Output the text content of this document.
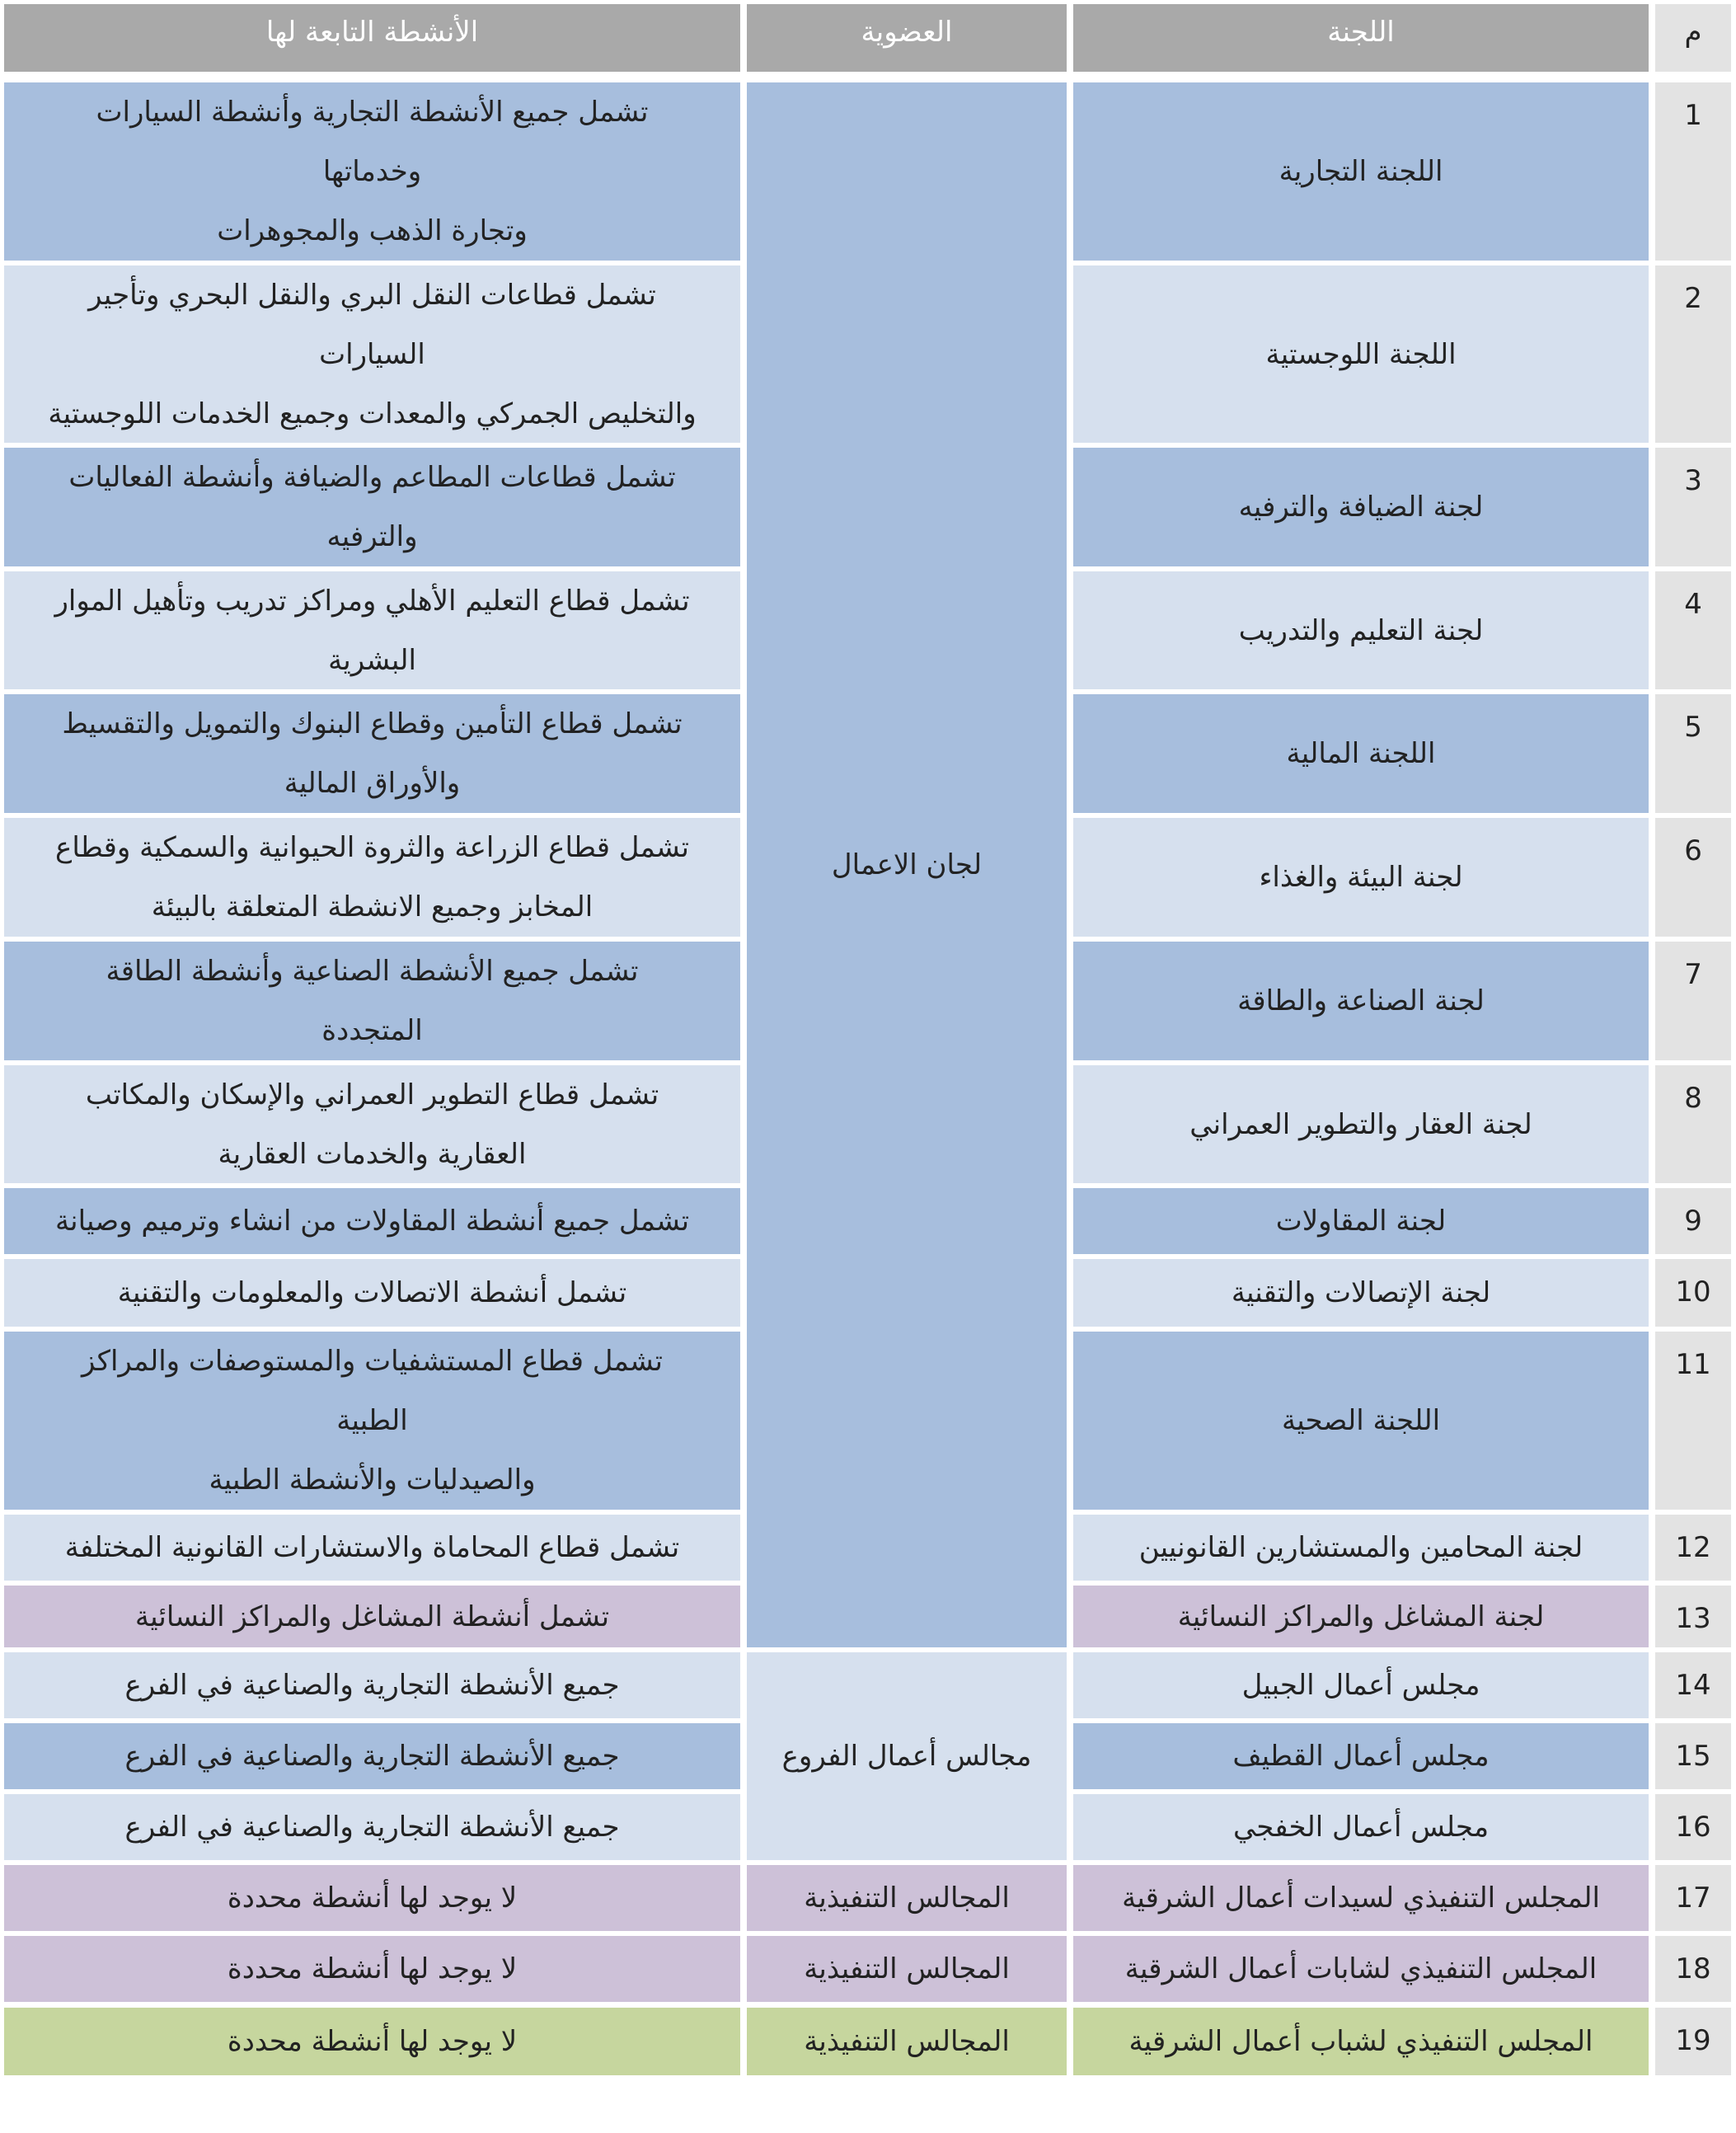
م
اللجنة
العضوية
الأنشطة التابعة لها
لجان الاعمال
مجالس أعمال الفروع
المجالس التنفيذية
المجالس التنفيذية
المجالس التنفيذية
1
اللجنة التجارية
تشمل جميع الأنشطة التجارية وأنشطة السيارات
وخدماتها
وتجارة الذهب والمجوهرات
2
اللجنة اللوجستية
تشمل قطاعات النقل البري والنقل البحري وتأجير
السيارات
والتخليص الجمركي والمعدات وجميع الخدمات اللوجستية
3
لجنة الضيافة والترفيه
تشمل قطاعات المطاعم والضيافة وأنشطة الفعاليات
والترفيه
4
لجنة التعليم والتدريب
تشمل قطاع التعليم الأهلي ومراكز تدريب وتأهيل الموار
البشرية
5
اللجنة المالية
تشمل قطاع التأمين وقطاع البنوك والتمويل والتقسيط
والأوراق المالية
6
لجنة البيئة والغذاء
تشمل قطاع الزراعة والثروة الحيوانية والسمكية وقطاع
المخابز وجميع الانشطة المتعلقة بالبيئة
7
لجنة الصناعة والطاقة
تشمل جميع الأنشطة الصناعية وأنشطة الطاقة
المتجددة
8
لجنة العقار والتطوير العمراني
تشمل قطاع التطوير العمراني والإسكان والمكاتب
العقارية والخدمات العقارية
9
لجنة المقاولات
تشمل جميع أنشطة المقاولات من انشاء وترميم وصيانة
10
لجنة الإتصالات والتقنية
تشمل أنشطة الاتصالات والمعلومات والتقنية
11
اللجنة الصحية
تشمل قطاع المستشفيات والمستوصفات والمراكز
الطبية
والصيدليات والأنشطة الطبية
12
لجنة المحامين والمستشارين القانونيين
تشمل قطاع المحاماة والاستشارات القانونية المختلفة
13
لجنة المشاغل والمراكز النسائية
تشمل أنشطة المشاغل والمراكز النسائية
14
مجلس أعمال الجبيل
جميع الأنشطة التجارية والصناعية في الفرع
15
مجلس أعمال القطيف
جميع الأنشطة التجارية والصناعية في الفرع
16
مجلس أعمال الخفجي
جميع الأنشطة التجارية والصناعية في الفرع
17
المجلس التنفيذي لسيدات أعمال الشرقية
لا يوجد لها أنشطة محددة
18
المجلس التنفيذي لشابات أعمال الشرقية
لا يوجد لها أنشطة محددة
19
المجلس التنفيذي لشباب أعمال الشرقية
لا يوجد لها أنشطة محددة
